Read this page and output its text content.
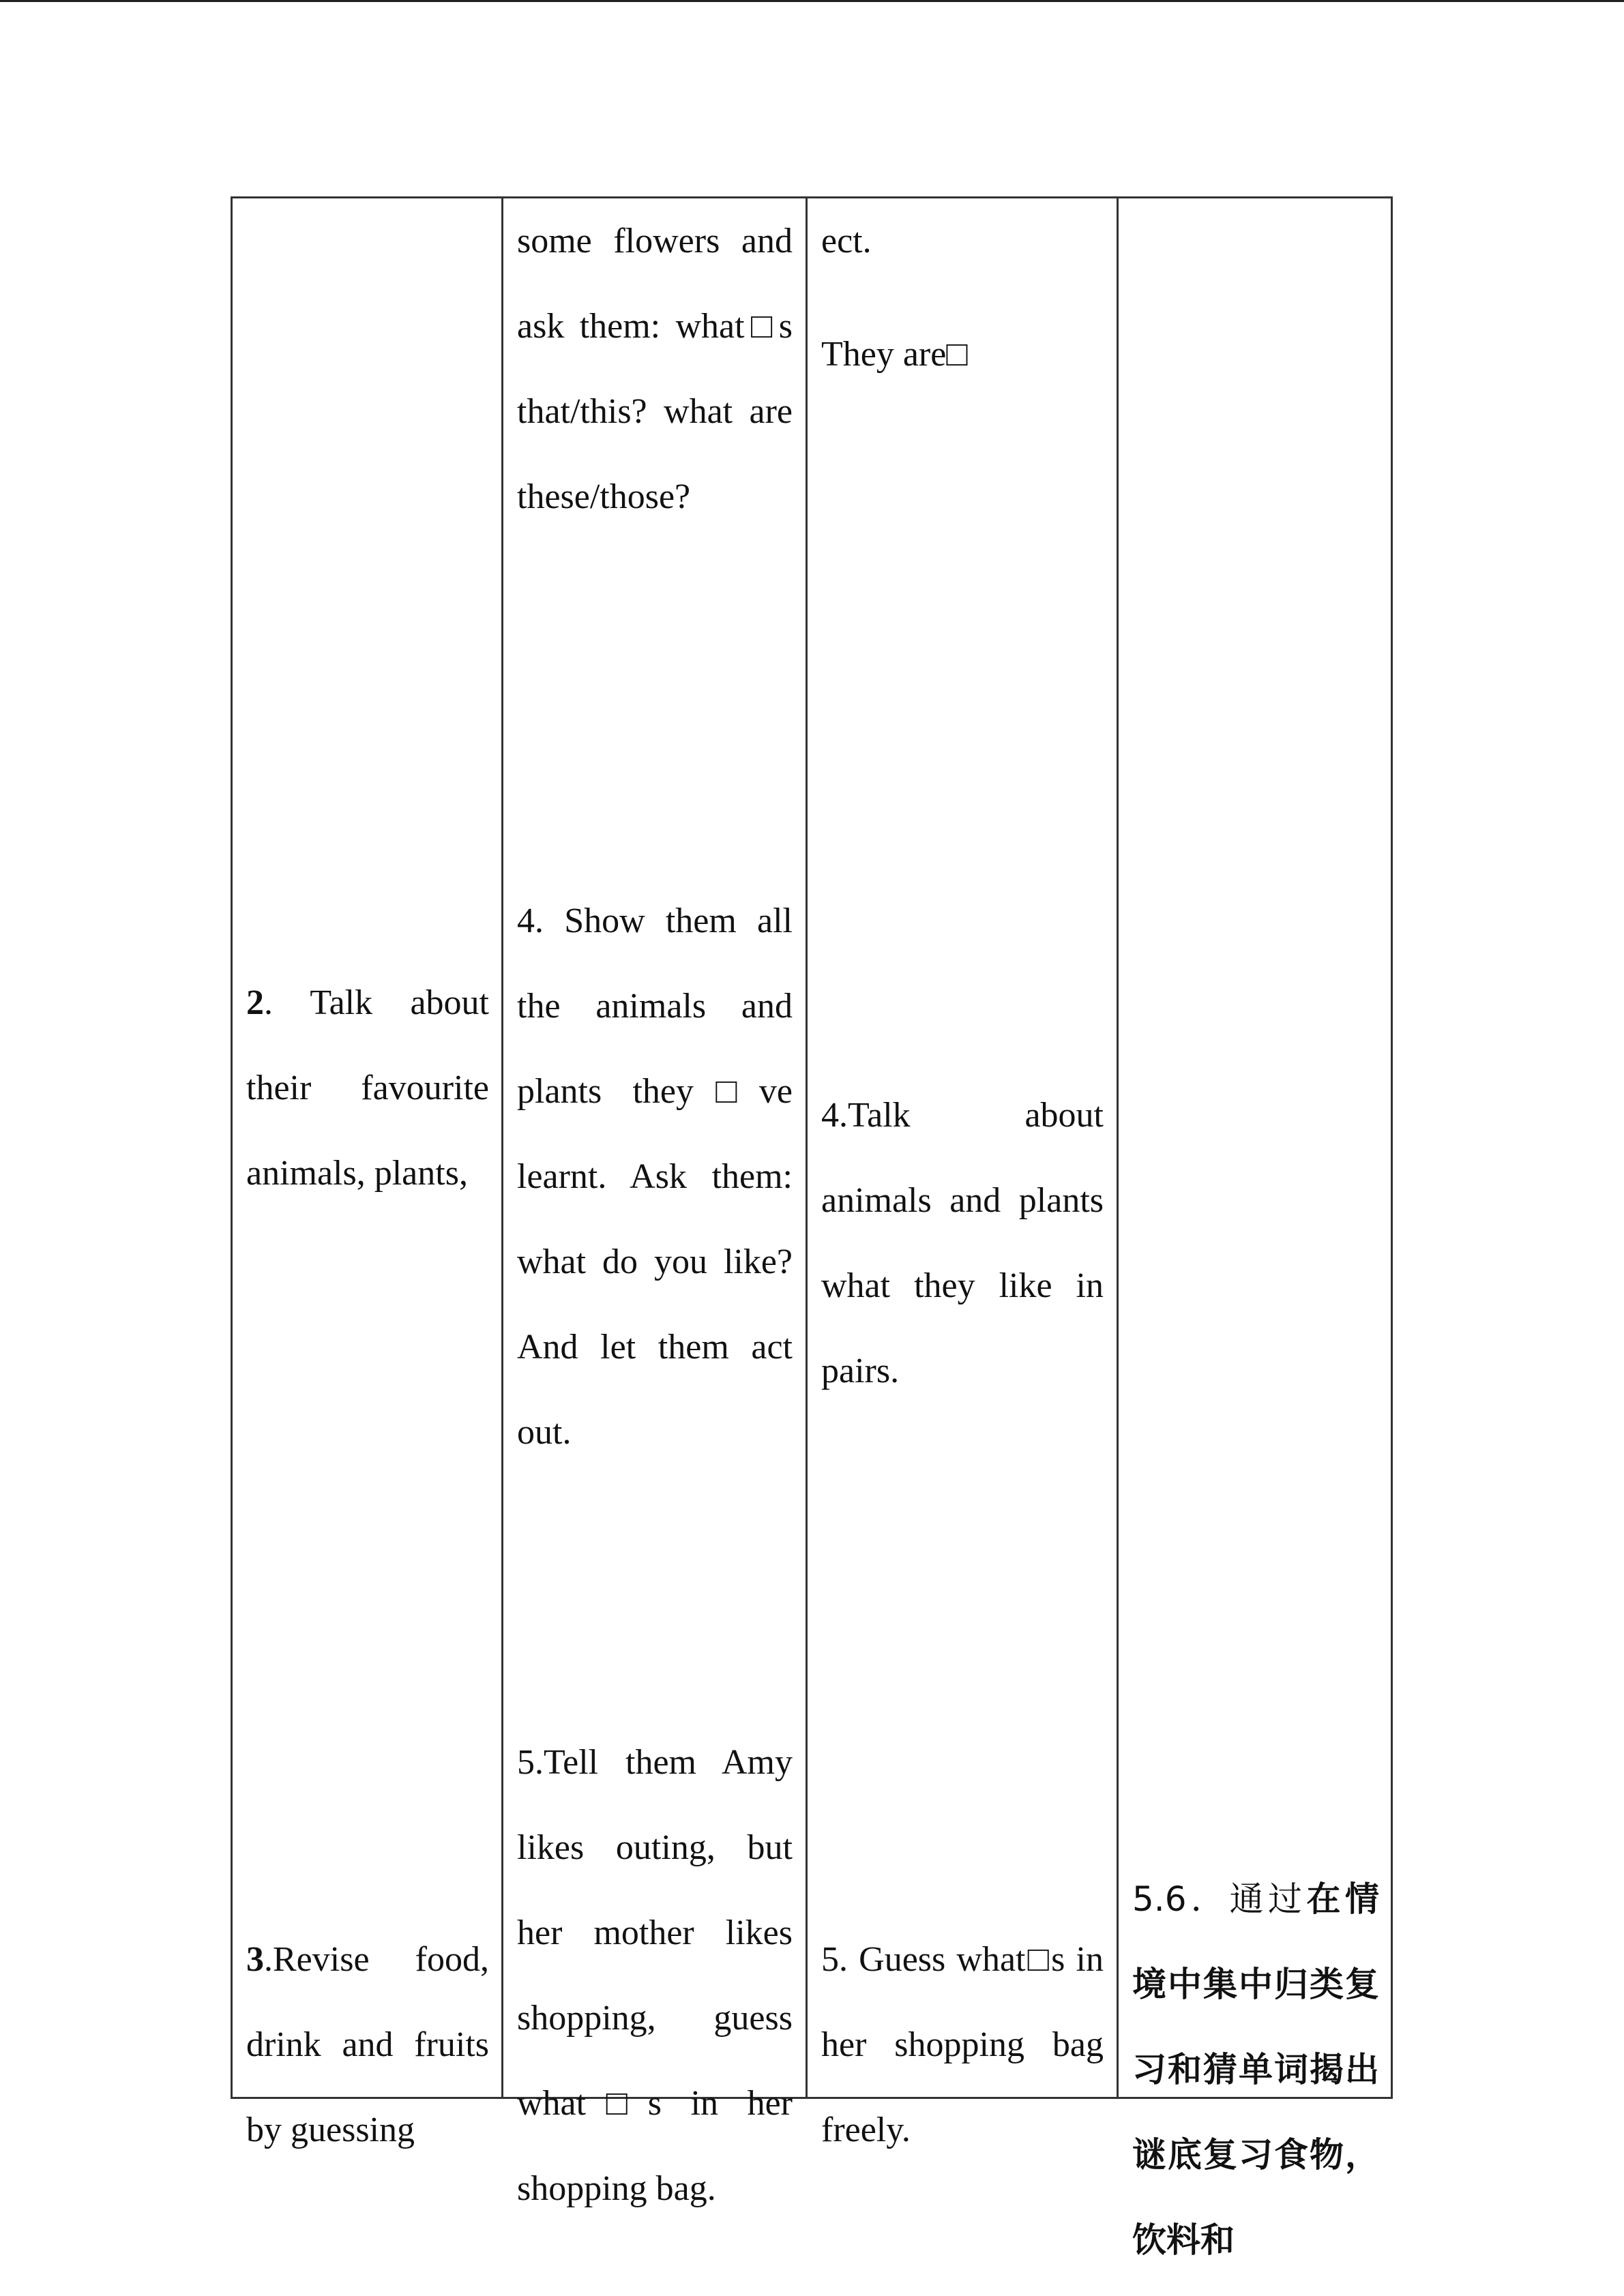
2. Talk about their favourite animals, plants,

3.Revise food, drink and fruits by guessing

some flowers and ask them: what□s that/this? what are these/those?

4. Show them all the animals and plants they□ve learnt. Ask them: what do you like? And let them act out.

5.Tell them Amy likes outing, but her mother likes shopping, guess what□s in her shopping bag.

ect.

They are□

4.Talk about animals and plants what they like in pairs.

5. Guess what□s in her shopping bag freely.

5.6．通过在情境中集中归类复习和猜单词揭出谜底复习食物，饮料和
